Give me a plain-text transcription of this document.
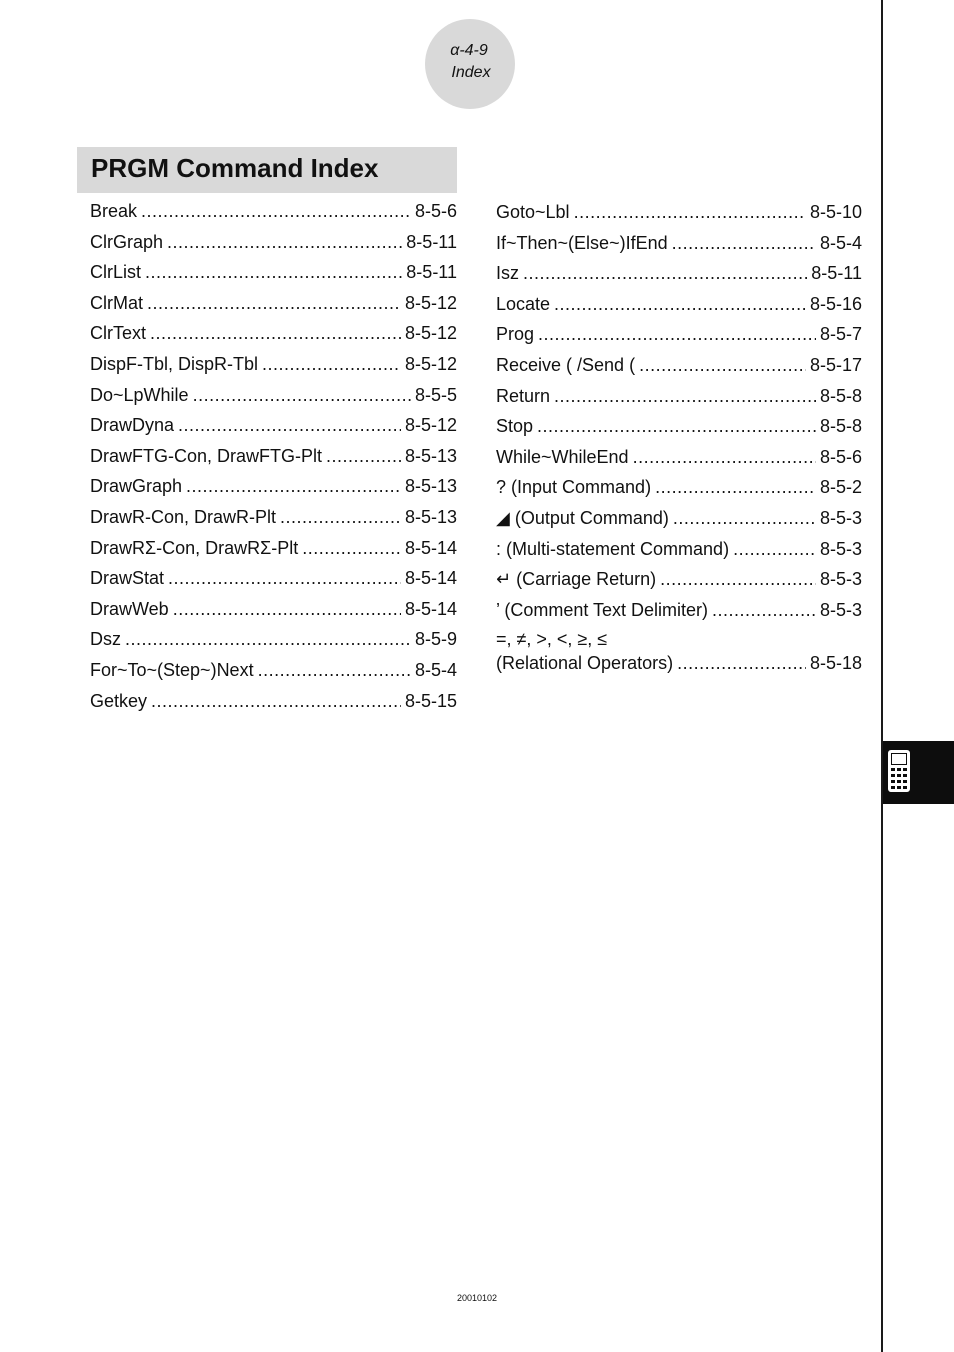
α-4-9
Index
PRGM Command Index
Break .....	8-5-6
ClrGraph .....	8-5-11
ClrList .....	8-5-11
ClrMat .....	8-5-12
ClrText .....	8-5-12
DispF-Tbl, DispR-Tbl .....	8-5-12
Do~LpWhile .....	8-5-5
DrawDyna .....	8-5-12
DrawFTG-Con, DrawFTG-Plt .....	8-5-13
DrawGraph .....	8-5-13
DrawR-Con, DrawR-Plt .....	8-5-13
DrawRΣ-Con, DrawRΣ-Plt .....	8-5-14
DrawStat .....	8-5-14
DrawWeb .....	8-5-14
Dsz .....	8-5-9
For~To~(Step~)Next .....	8-5-4
Getkey .....	8-5-15
Goto~Lbl .....	8-5-10
If~Then~(Else~)IfEnd .....	8-5-4
Isz .....	8-5-11
Locate .....	8-5-16
Prog .....	8-5-7
Receive ( /Send ( .....	8-5-17
Return .....	8-5-8
Stop .....	8-5-8
While~WhileEnd .....	8-5-6
? (Input Command) .....	8-5-2
◢ (Output Command) .....	8-5-3
: (Multi-statement Command) .....	8-5-3
↵ (Carriage Return) .....	8-5-3
’ (Comment Text Delimiter) .....	8-5-3
=, ≠, >, <, ≥, ≤
(Relational Operators) .....	8-5-18
20010102
